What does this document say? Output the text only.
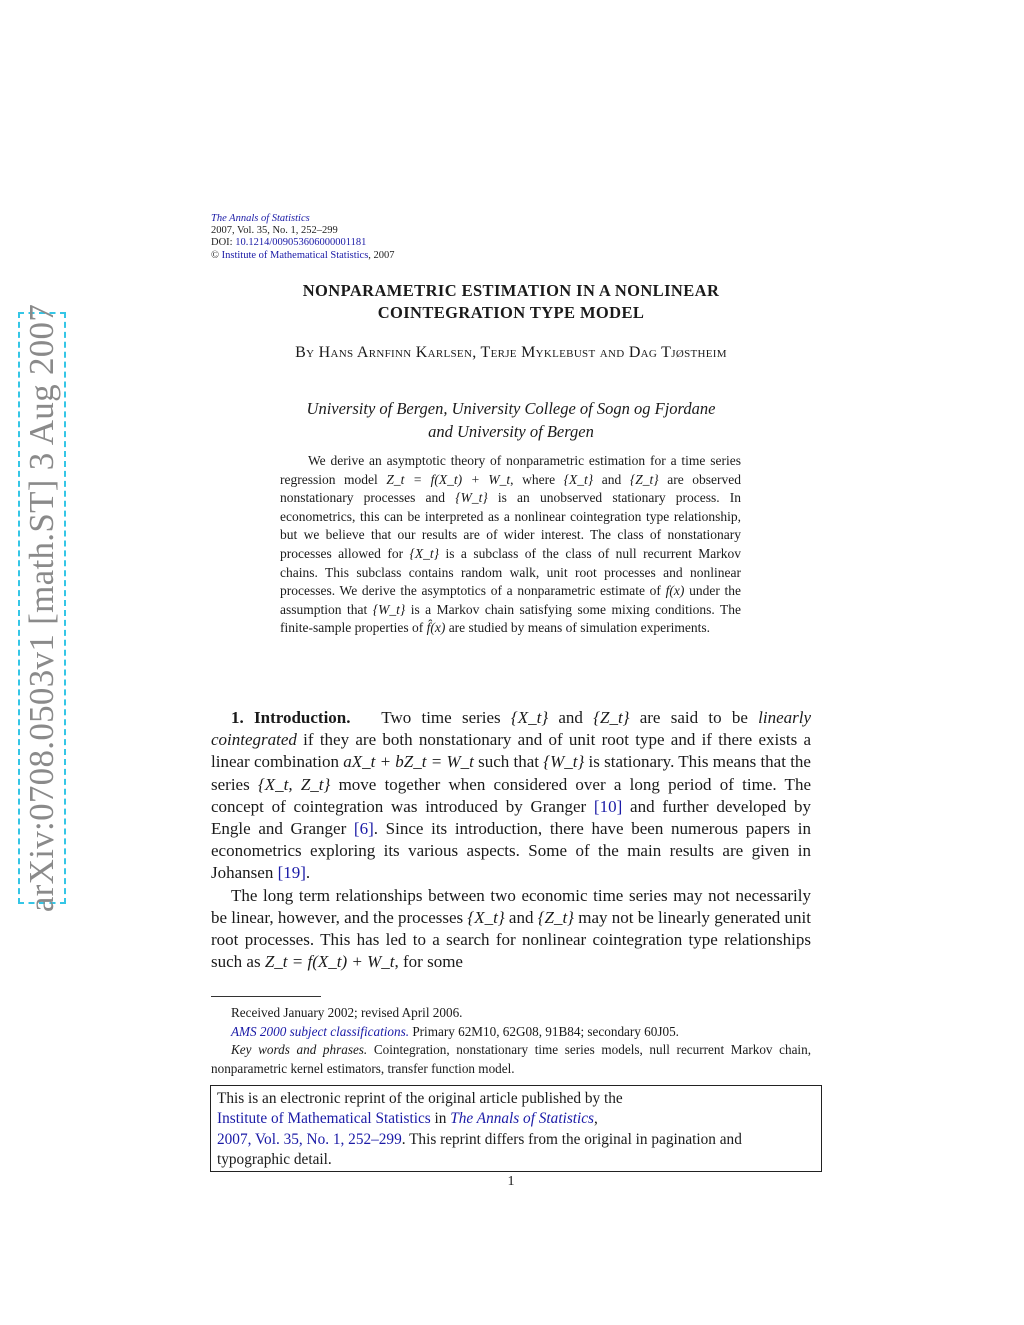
arXiv:0708.0503v1 [math.ST] 3 Aug 2007
The Annals of Statistics
2007, Vol. 35, No. 1, 252–299
DOI: 10.1214/009053606000001181
© Institute of Mathematical Statistics, 2007
NONPARAMETRIC ESTIMATION IN A NONLINEAR
COINTEGRATION TYPE MODEL
By Hans Arnfinn Karlsen, Terje Myklebust and Dag Tjøstheim
University of Bergen, University College of Sogn og Fjordane
and University of Bergen
We derive an asymptotic theory of nonparametric estimation for a time series regression model Z_t = f(X_t) + W_t, where {X_t} and {Z_t} are observed nonstationary processes and {W_t} is an unobserved stationary process. In econometrics, this can be interpreted as a nonlinear cointegration type relationship, but we believe that our results are of wider interest. The class of nonstationary processes allowed for {X_t} is a subclass of the class of null recurrent Markov chains. This subclass contains random walk, unit root processes and nonlinear processes. We derive the asymptotics of a nonparametric estimate of f(x) under the assumption that {W_t} is a Markov chain satisfying some mixing conditions. The finite-sample properties of f̂(x) are studied by means of simulation experiments.

1. Introduction. Two time series {X_t} and {Z_t} are said to be linearly cointegrated if they are both nonstationary and of unit root type and if there exists a linear combination aX_t + bZ_t = W_t such that {W_t} is stationary. This means that the series {X_t, Z_t} move together when considered over a long period of time. The concept of cointegration was introduced by Granger [10] and further developed by Engle and Granger [6]. Since its introduction, there have been numerous papers in econometrics exploring its various aspects. Some of the main results are given in Johansen [19].

The long term relationships between two economic time series may not necessarily be linear, however, and the processes {X_t} and {Z_t} may not be linearly generated unit root processes. This has led to a search for nonlinear cointegration type relationships such as Z_t = f(X_t) + W_t, for some

Received January 2002; revised April 2006.

AMS 2000 subject classifications. Primary 62M10, 62G08, 91B84; secondary 60J05.

Key words and phrases. Cointegration, nonstationary time series models, null recurrent Markov chain, nonparametric kernel estimators, transfer function model.

This is an electronic reprint of the original article published by the
Institute of Mathematical Statistics in The Annals of Statistics,
2007, Vol. 35, No. 1, 252–299. This reprint differs from the original in pagination and typographic detail.
1
